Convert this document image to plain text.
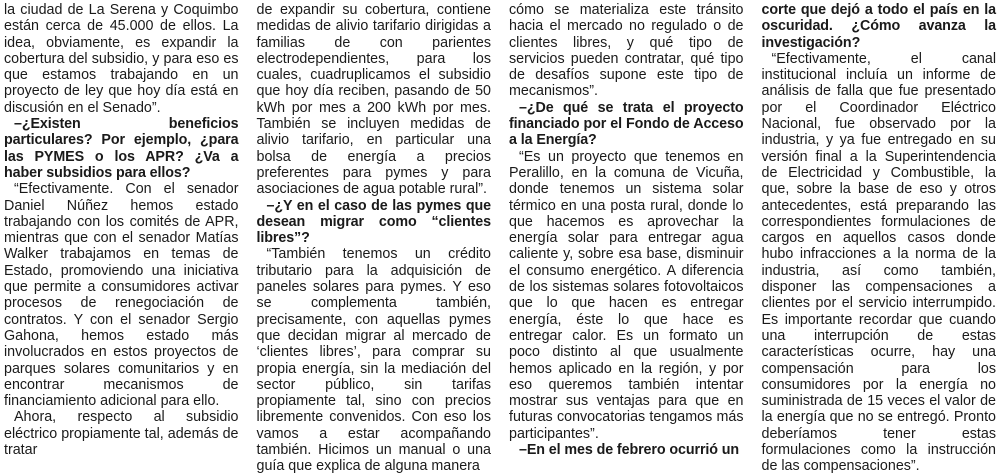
la ciudad de La Serena y Coquimbo están cerca de 45.000 de ellos. La idea, obviamente, es expandir la cobertura del subsidio, y para eso es que estamos trabajando en un proyecto de ley que hoy día está en discusión en el Senado”.

–¿Existen beneficios particulares? Por ejemplo, ¿para las PYMES o los APR? ¿Va a haber subsidios para ellos?

“Efectivamente. Con el senador Daniel Núñez hemos estado trabajando con los comités de APR, mientras que con el senador Matías Walker trabajamos en temas de Estado, promoviendo una iniciativa que permite a consumidores activar procesos de renegociación de contratos. Y con el senador Sergio Gahona, hemos estado más involucrados en estos proyectos de parques solares comunitarios y en encontrar mecanismos de financiamiento adicional para ello.

Ahora, respecto al subsidio eléctrico propiamente tal, además de tratar

de expandir su cobertura, contiene medidas de alivio tarifario dirigidas a familias de con parientes electrodependientes, para los cuales, cuadruplicamos el subsidio que hoy día reciben, pasando de 50 kWh por mes a 200 kWh por mes. También se incluyen medidas de alivio tarifario, en particular una bolsa de energía a precios preferentes para pymes y para asociaciones de agua potable rural”.

–¿Y en el caso de las pymes que desean migrar como “clientes libres”?

“También tenemos un crédito tributario para la adquisición de paneles solares para pymes. Y eso se complementa también, precisamente, con aquellas pymes que decidan migrar al mercado de ‘clientes libres’, para comprar su propia energía, sin la mediación del sector público, sin tarifas propiamente tal, sino con precios libremente convenidos. Con eso los vamos a estar acompañando también. Hicimos un manual o una guía que explica de alguna manera

cómo se materializa este tránsito hacia el mercado no regulado o de clientes libres, y qué tipo de servicios pueden contratar, qué tipo de desafíos supone este tipo de mecanismos”.

–¿De qué se trata el proyecto financiado por el Fondo de Acceso a la Energía?

“Es un proyecto que tenemos en Peralillo, en la comuna de Vicuña, donde tenemos un sistema solar térmico en una posta rural, donde lo que hacemos es aprovechar la energía solar para entregar agua caliente y, sobre esa base, disminuir el consumo energético. A diferencia de los sistemas solares fotovoltaicos que lo que hacen es entregar energía, éste lo que hace es entregar calor. Es un formato un poco distinto al que usualmente hemos aplicado en la región, y por eso queremos también intentar mostrar sus ventajas para que en futuras convocatorias tengamos más participantes”.

–En el mes de febrero ocurrió un

corte que dejó a todo el país en la oscuridad. ¿Cómo avanza la investigación?

“Efectivamente, el canal institucional incluía un informe de análisis de falla que fue presentado por el Coordinador Eléctrico Nacional, fue observado por la industria, y ya fue entregado en su versión final a la Superintendencia de Electricidad y Combustible, la que, sobre la base de eso y otros antecedentes, está preparando las correspondientes formulaciones de cargos en aquellos casos donde hubo infracciones a la norma de la industria, así como también, disponer las compensaciones a clientes por el servicio interrumpido. Es importante recordar que cuando una interrupción de estas características ocurre, hay una compensación para los consumidores por la energía no suministrada de 15 veces el valor de la energía que no se entregó. Pronto deberíamos tener estas formulaciones como la instrucción de las compensaciones”.
